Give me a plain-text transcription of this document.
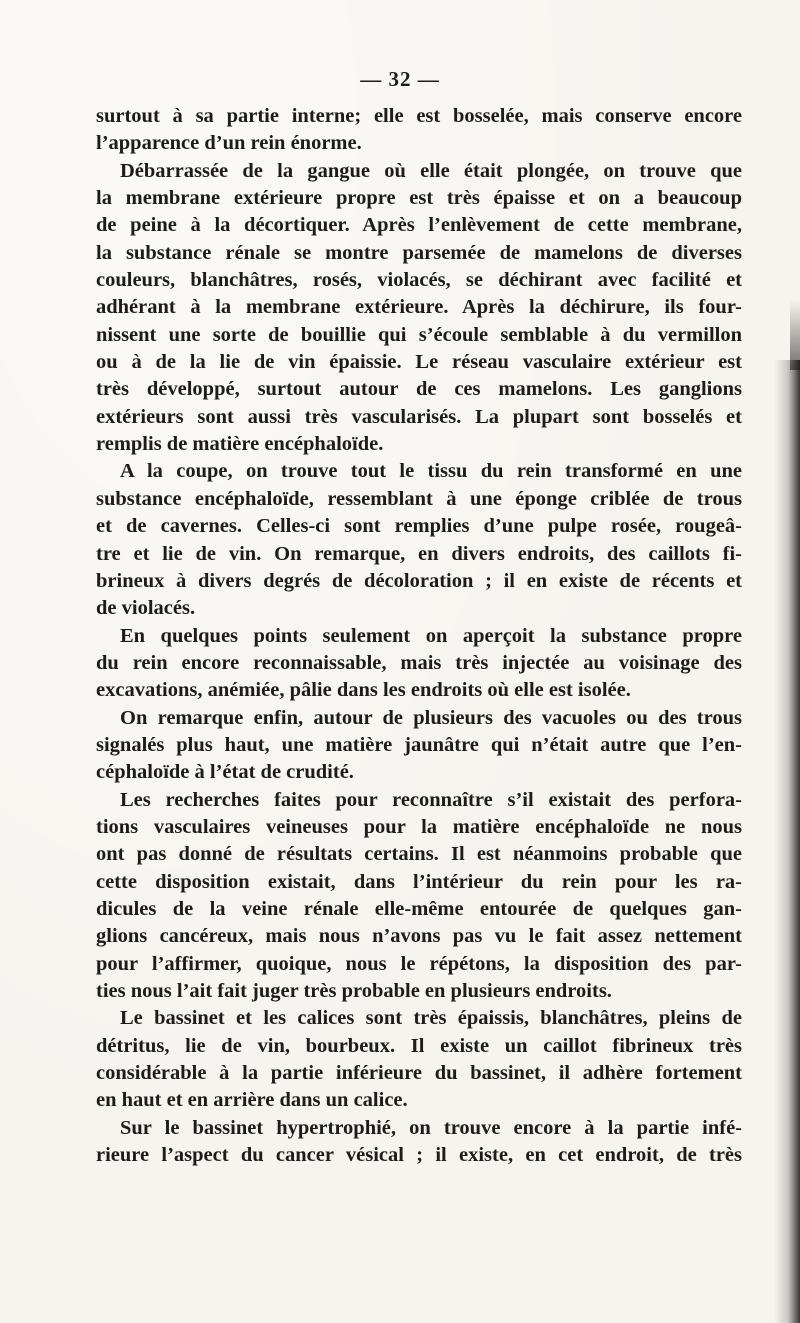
— 32 —
surtout à sa partie interne; elle est bosselée, mais conserve encore
l’apparence d’un rein énorme.
Débarrassée de la gangue où elle était plongée, on trouve que
la membrane extérieure propre est très épaisse et on a beaucoup
de peine à la décortiquer. Après l’enlèvement de cette membrane,
la substance rénale se montre parsemée de mamelons de diverses
couleurs, blanchâtres, rosés, violacés, se déchirant avec facilité et
adhérant à la membrane extérieure. Après la déchirure, ils four-
nissent une sorte de bouillie qui s’écoule semblable à du vermillon
ou à de la lie de vin épaissie. Le réseau vasculaire extérieur est
très développé, surtout autour de ces mamelons. Les ganglions
extérieurs sont aussi très vascularisés. La plupart sont bosselés et
remplis de matière encéphaloïde.
A la coupe, on trouve tout le tissu du rein transformé en une
substance encéphaloïde, ressemblant à une éponge criblée de trous
et de cavernes. Celles-ci sont remplies d’une pulpe rosée, rougeâ-
tre et lie de vin. On remarque, en divers endroits, des caillots fi-
brineux à divers degrés de décoloration ; il en existe de récents et
de violacés.
En quelques points seulement on aperçoit la substance propre
du rein encore reconnaissable, mais très injectée au voisinage des
excavations, anémiée, pâlie dans les endroits où elle est isolée.
On remarque enfin, autour de plusieurs des vacuoles ou des trous
signalés plus haut, une matière jaunâtre qui n’était autre que l’en-
céphaloïde à l’état de crudité.
Les recherches faites pour reconnaître s’il existait des perfora-
tions vasculaires veineuses pour la matière encéphaloïde ne nous
ont pas donné de résultats certains. Il est néanmoins probable que
cette disposition existait, dans l’intérieur du rein pour les ra-
dicules de la veine rénale elle-même entourée de quelques gan-
glions cancéreux, mais nous n’avons pas vu le fait assez nettement
pour l’affirmer, quoique, nous le répétons, la disposition des par-
ties nous l’ait fait juger très probable en plusieurs endroits.
Le bassinet et les calices sont très épaissis, blanchâtres, pleins de
détritus, lie de vin, bourbeux. Il existe un caillot fibrineux très
considérable à la partie inférieure du bassinet, il adhère fortement
en haut et en arrière dans un calice.
Sur le bassinet hypertrophié, on trouve encore à la partie infé-
rieure l’aspect du cancer vésical ; il existe, en cet endroit, de très
